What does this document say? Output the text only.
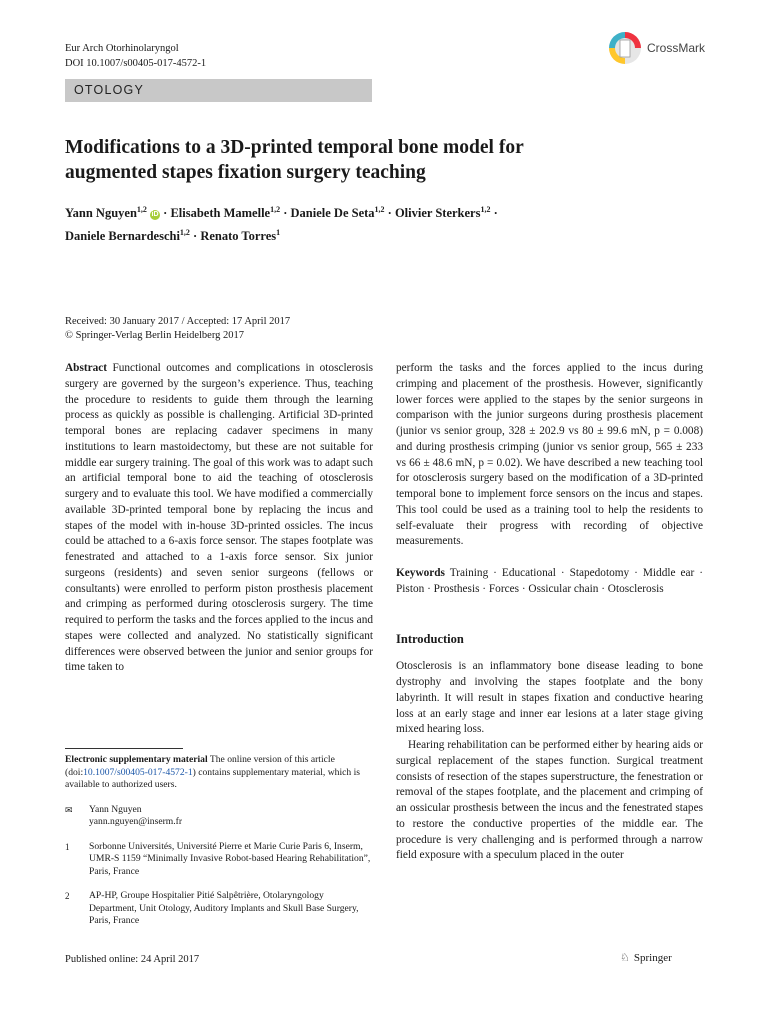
Eur Arch Otorhinolaryngol
DOI 10.1007/s00405-017-4572-1
CrossMark
OTOLOGY
Modifications to a 3D-printed temporal bone model for augmented stapes fixation surgery teaching
Yann Nguyen$^{1,2}$ iD · Elisabeth Mamelle$^{1,2}$ · Daniele De Seta$^{1,2}$ · Olivier Sterkers$^{1,2}$ ·
Daniele Bernardeschi$^{1,2}$ · Renato Torres$^1$
Received: 30 January 2017 / Accepted: 17 April 2017
© Springer-Verlag Berlin Heidelberg 2017

Abstract Functional outcomes and complications in otosclerosis surgery are governed by the surgeon’s experience. Thus, teaching the procedure to residents to guide them through the learning process as quickly as possible is challenging. Artificial 3D-printed temporal bones are replacing cadaver specimens in many institutions to learn mastoidectomy, but these are not suitable for middle ear surgery training. The goal of this work was to adapt such an artificial temporal bone to aid the teaching of otosclerosis surgery and to evaluate this tool. We have modified a commercially available 3D-printed temporal bone by replacing the incus and stapes of the model with in-house 3D-printed ossicles. The incus could be attached to a 6-axis force sensor. The stapes footplate was fenestrated and attached to a 1-axis force sensor. Six junior surgeons (residents) and seven senior surgeons (fellows or consultants) were enrolled to perform piston prosthesis placement and crimping as performed during otosclerosis surgery. The time required to perform the tasks and the forces applied to the incus and stapes were collected and analyzed. No statistically significant differences were observed between the junior and senior groups for time taken to

perform the tasks and the forces applied to the incus during crimping and placement of the prosthesis. However, significantly lower forces were applied to the stapes by the senior surgeons in comparison with the junior surgeons during prosthesis placement (junior vs senior group, 328 ± 202.9 vs 80 ± 99.6 mN, p = 0.008) and during prosthesis crimping (junior vs senior group, 565 ± 233 vs 66 ± 48.6 mN, p = 0.02). We have described a new teaching tool for otosclerosis surgery based on the modification of a 3D-printed temporal bone to implement force sensors on the incus and stapes. This tool could be used as a training tool to help the residents to self-evaluate their progress with recording of objective measurements.

Keywords Training · Educational · Stapedotomy · Middle ear · Piston · Prosthesis · Forces · Ossicular chain · Otosclerosis

Introduction

Otosclerosis is an inflammatory bone disease leading to bone dystrophy and involving the stapes footplate and the bony labyrinth. It will result in stapes fixation and conductive hearing loss at an early stage and inner ear lesions at a later stage giving mixed hearing loss.

Hearing rehabilitation can be performed either by hearing aids or surgical replacement of the stapes function. Surgical treatment consists of resection of the stapes superstructure, the fenestration or removal of the stapes footplate, and the placement and crimping of an ossicular prosthesis between the incus and the fenestrated stapes to restore the conductive properties of the middle ear. The procedure is very challenging and is performed through a narrow field exposure with a speculum placed in the outer

Electronic supplementary material The online version of this article (doi:10.1007/s00405-017-4572-1) contains supplementary material, which is available to authorized users.
✉	Yann Nguyen
yann.nguyen@inserm.fr
1	Sorbonne Universités, Université Pierre et Marie Curie Paris 6, Inserm, UMR-S 1159 “Minimally Invasive Robot-based Hearing Rehabilitation”, Paris, France
2	AP-HP, Groupe Hospitalier Pitié Salpêtrière, Otolaryngology Department, Unit Otology, Auditory Implants and Skull Base Surgery, Paris, France
Published online: 24 April 2017	♘ Springer
